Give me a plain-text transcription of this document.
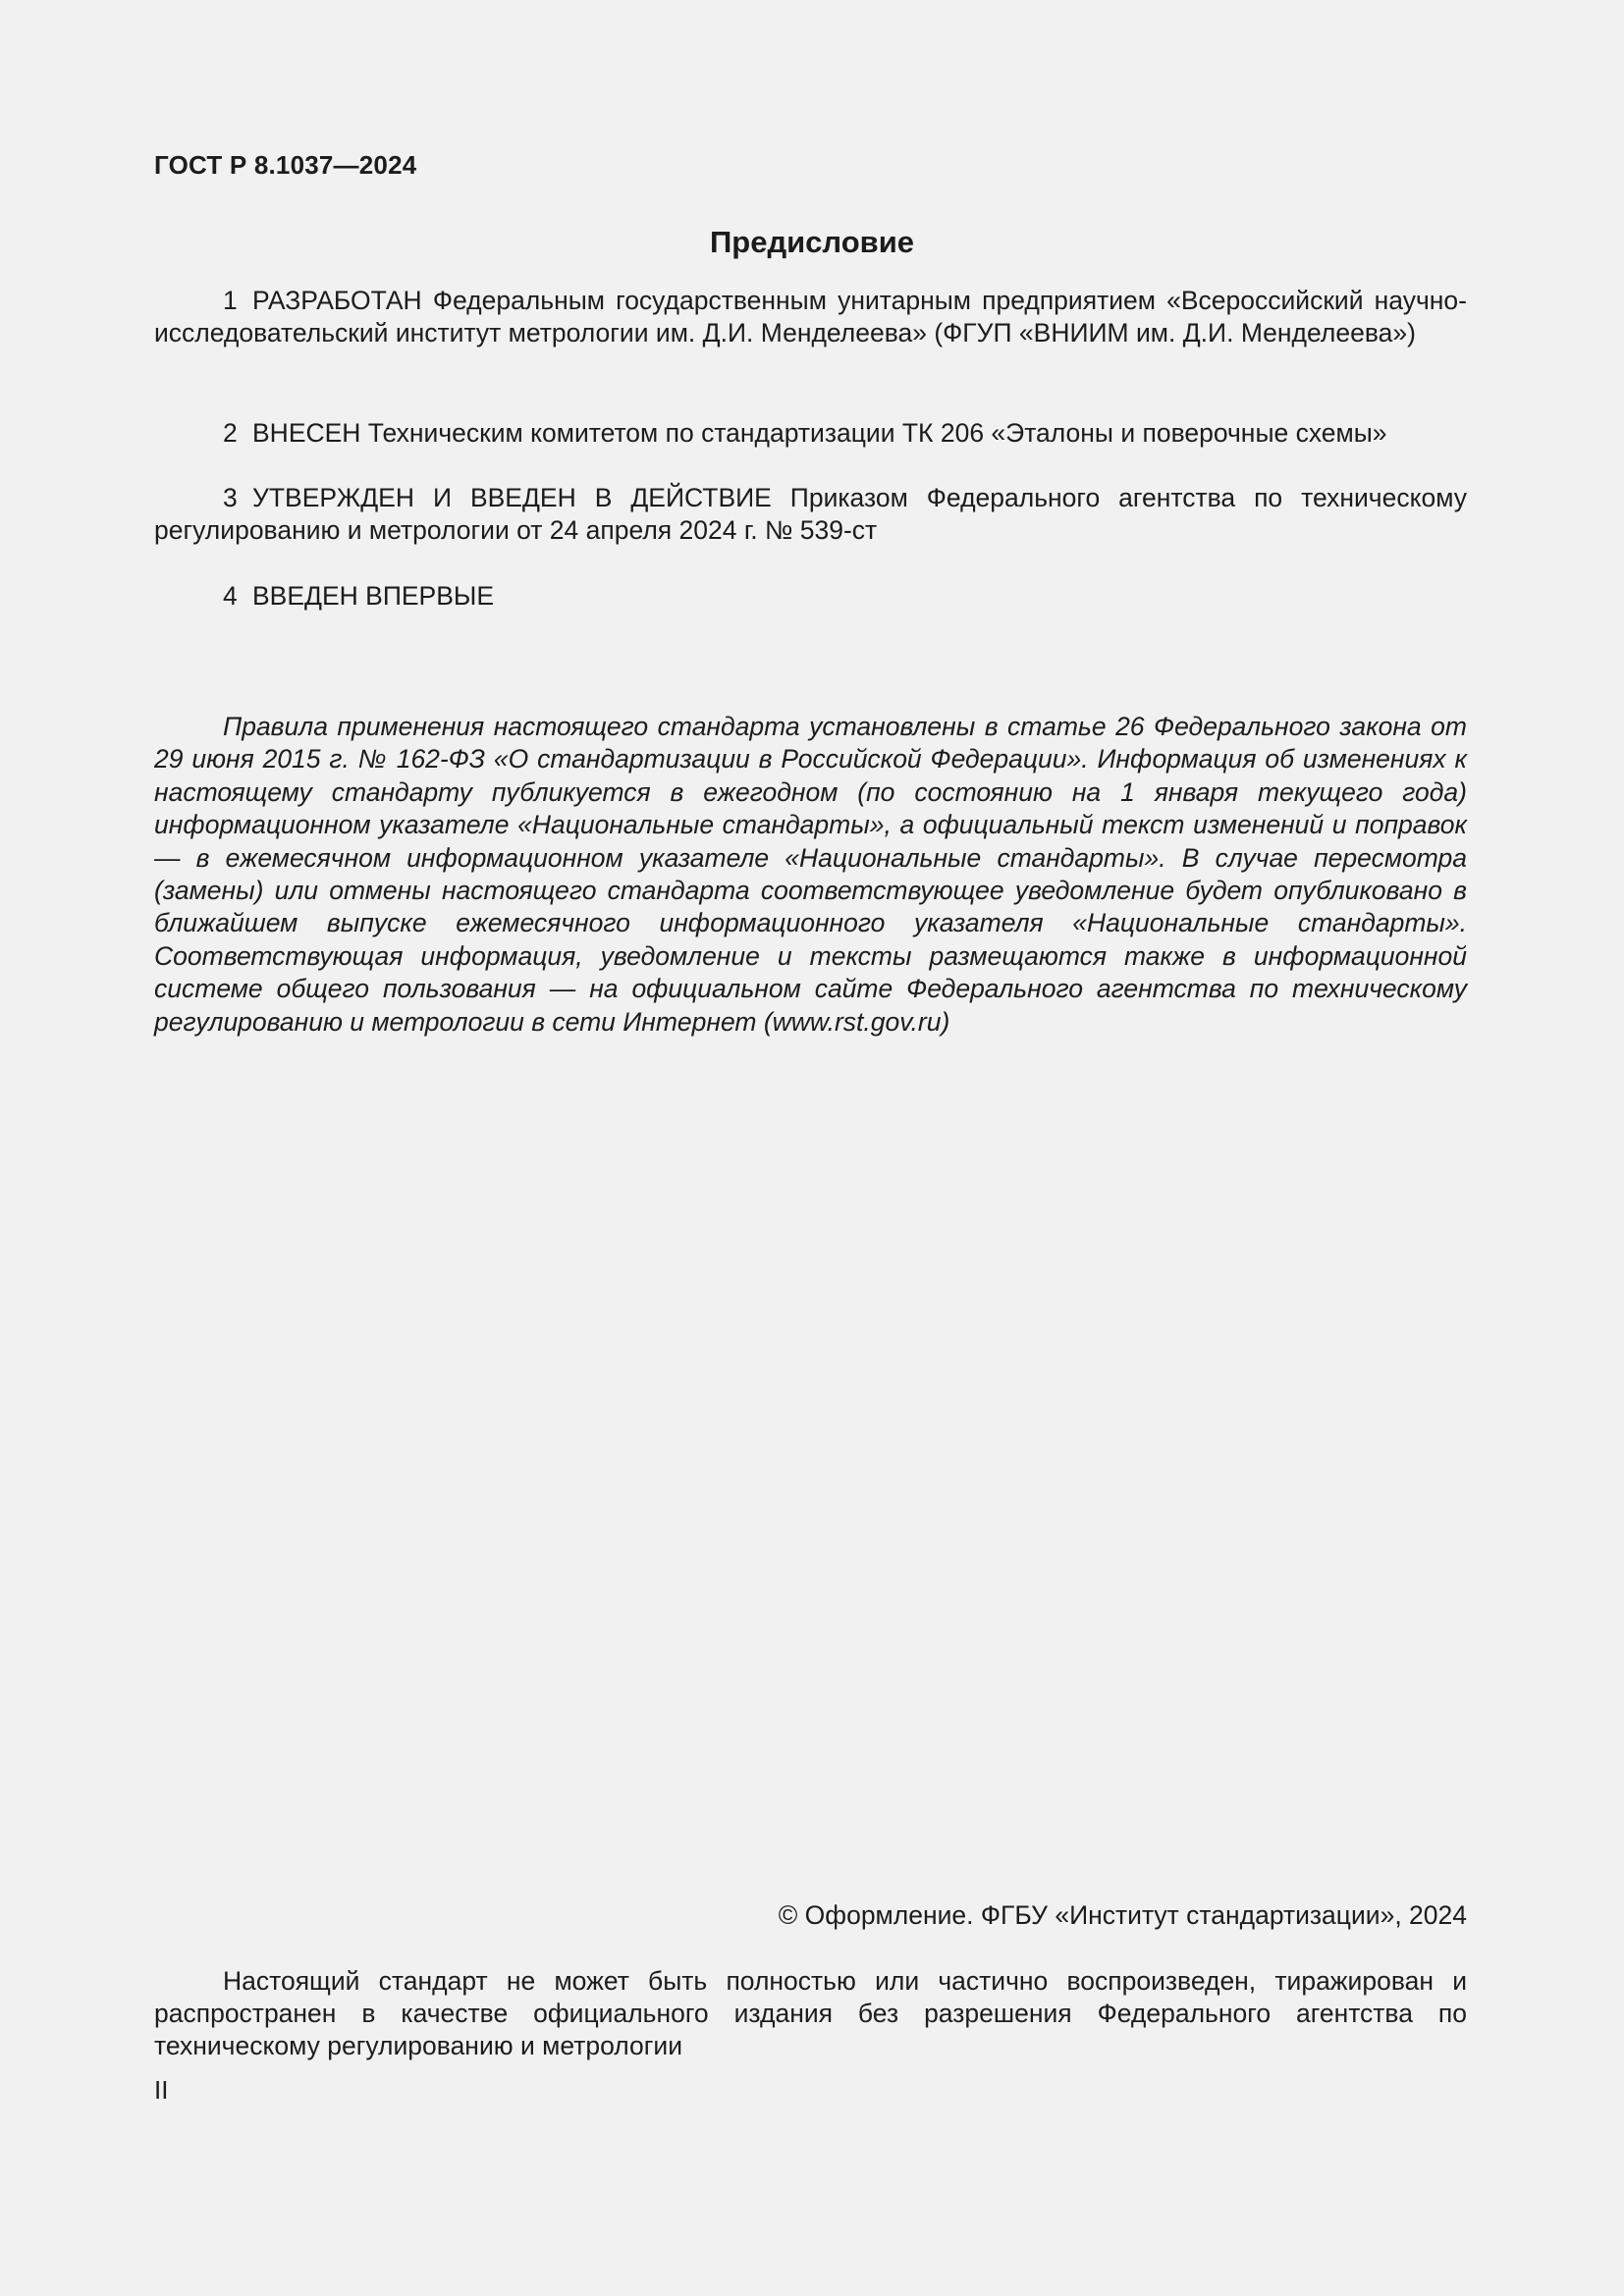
ГОСТ Р 8.1037—2024
Предисловие

1 РАЗРАБОТАН Федеральным государственным унитарным предприятием «Всероссийский научно-исследовательский институт метрологии им. Д.И. Менделеева» (ФГУП «ВНИИМ им. Д.И. Менделеева»)

2 ВНЕСЕН Техническим комитетом по стандартизации ТК 206 «Эталоны и поверочные схемы»

3 УТВЕРЖДЕН И ВВЕДЕН В ДЕЙСТВИЕ Приказом Федерального агентства по техническому регулированию и метрологии от 24 апреля 2024 г. № 539-ст

4 ВВЕДЕН ВПЕРВЫЕ

Правила применения настоящего стандарта установлены в статье 26 Федерального закона от 29 июня 2015 г. № 162-ФЗ «О стандартизации в Российской Федерации». Информация об изменениях к настоящему стандарту публикуется в ежегодном (по состоянию на 1 января текущего года) информационном указателе «Национальные стандарты», а официальный текст изменений и поправок — в ежемесячном информационном указателе «Национальные стандарты». В случае пересмотра (замены) или отмены настоящего стандарта соответствующее уведомление будет опубликовано в ближайшем выпуске ежемесячного информационного указателя «Национальные стандарты». Соответствующая информация, уведомление и тексты размещаются также в информационной системе общего пользования — на официальном сайте Федерального агентства по техническому регулированию и метрологии в сети Интернет (www.rst.gov.ru)

© Оформление. ФГБУ «Институт стандартизации», 2024

Настоящий стандарт не может быть полностью или частично воспроизведен, тиражирован и распространен в качестве официального издания без разрешения Федерального агентства по техническому регулированию и метрологии

II
